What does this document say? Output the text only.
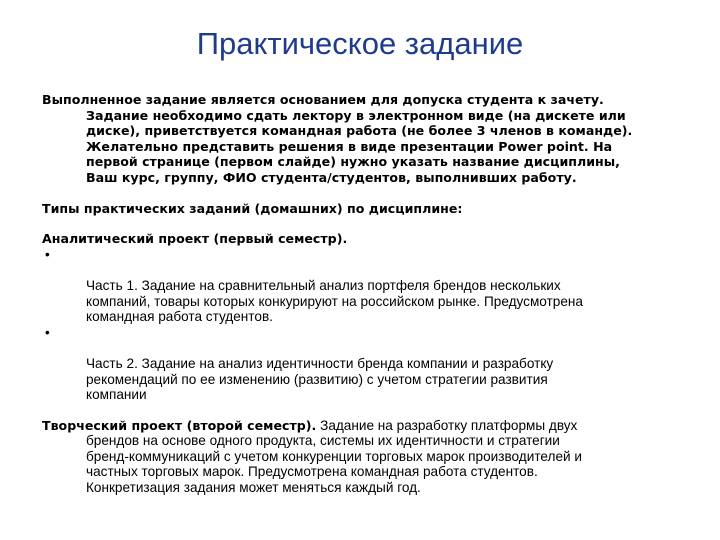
Практическое задание

Выполненное задание является основанием для допуска студента к зачету.
Задание необходимо сдать лектору в электронном виде (на дискете или
диске), приветствуется командная работа (не более 3 членов в команде).
Желательно представить решения в виде презентации Power point. На
первой странице (первом слайде) нужно указать название дисциплины,
Ваш курс, группу, ФИО студента/студентов, выполнивших работу.

Типы практических заданий (домашних) по дисциплине:

Аналитический проект (первый семестр).

•

Часть 1. Задание на сравнительный анализ портфеля брендов нескольких
компаний, товары которых конкурируют на российском рынке. Предусмотрена
командная работа студентов.

•

Часть 2. Задание на анализ идентичности бренда компании и разработку
рекомендаций по ее изменению (развитию) с учетом стратегии развития
компании

Творческий проект (второй семестр). Задание на разработку платформы двух
брендов на основе одного продукта, системы их идентичности и стратегии
бренд-коммуникаций с учетом конкуренции торговых марок производителей и
частных торговых марок. Предусмотрена командная работа студентов.
Конкретизация задания может меняться каждый год.
